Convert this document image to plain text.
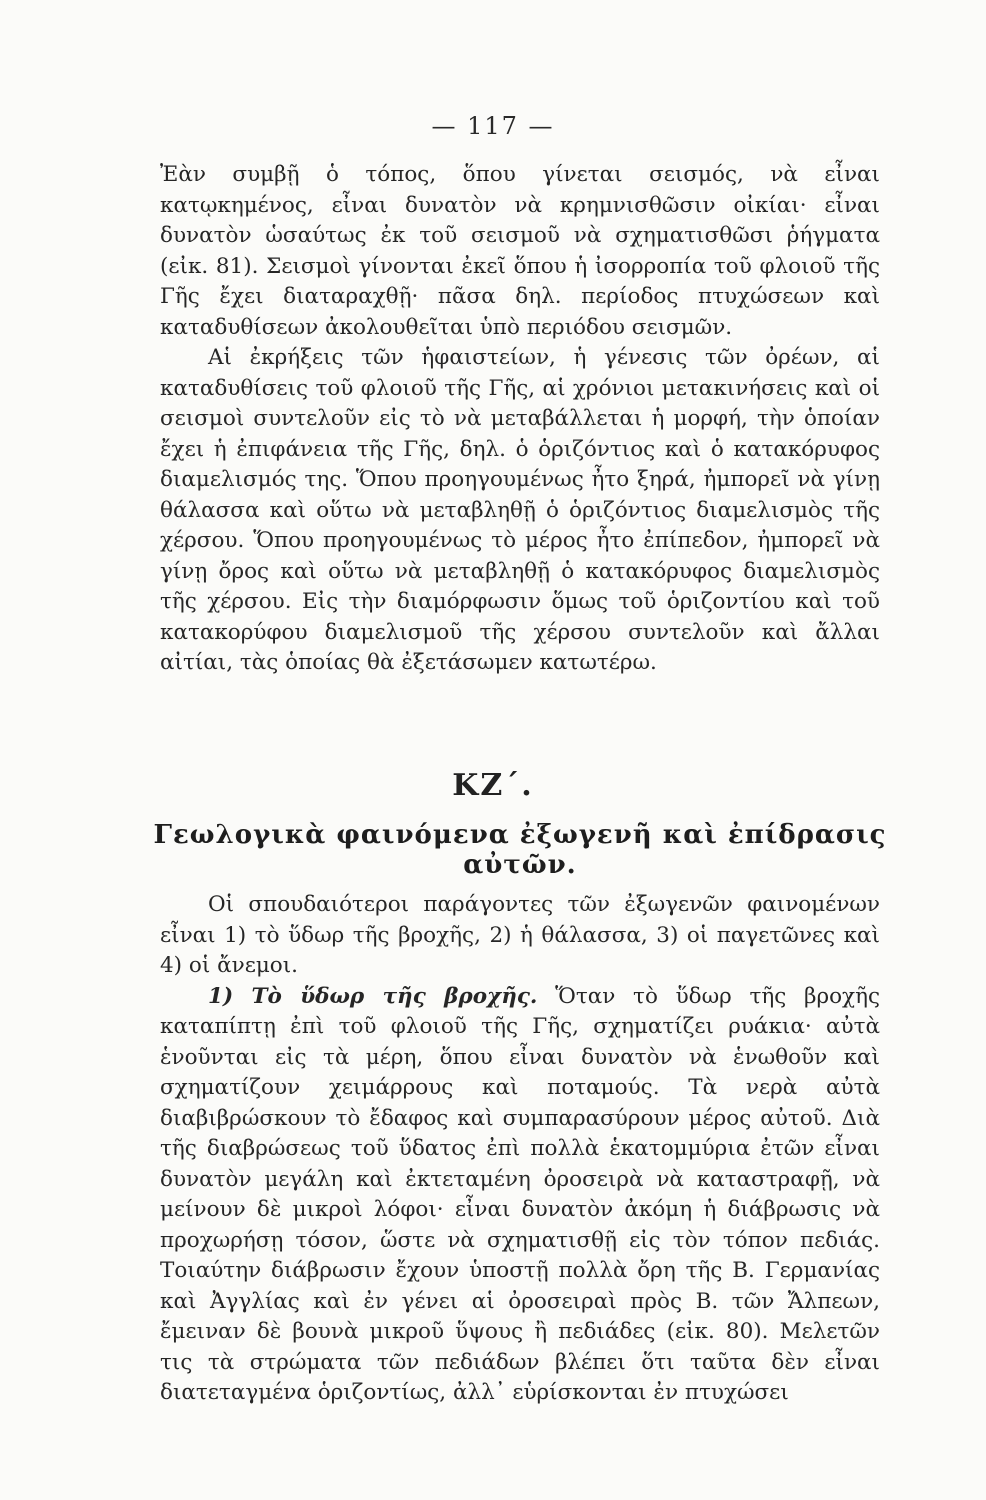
— 117 —

Ἐὰν συμβῇ ὁ τόπος, ὅπου γίνεται σεισμός, νὰ εἶναι κατῳκημένος, εἶναι δυνατὸν νὰ κρημνισθῶσιν οἰκίαι· εἶναι δυνατὸν ὡσαύτως ἐκ τοῦ σεισμοῦ νὰ σχηματισθῶσι ῥήγματα (εἰκ. 81). Σεισμοὶ γίνονται ἐκεῖ ὅπου ἡ ἰσορροπία τοῦ φλοιοῦ τῆς Γῆς ἔχει διαταραχθῇ· πᾶσα δηλ. περίοδος πτυχώσεων καὶ καταδυθίσεων ἀκολουθεῖται ὑπὸ περιόδου σεισμῶν.

Αἱ ἐκρήξεις τῶν ἡφαιστείων, ἡ γένεσις τῶν ὀρέων, αἱ καταδυθίσεις τοῦ φλοιοῦ τῆς Γῆς, αἱ χρόνιοι μετακινήσεις καὶ οἱ σεισμοὶ συντελοῦν εἰς τὸ νὰ μεταβάλλεται ἡ μορφή, τὴν ὁποίαν ἔχει ἡ ἐπιφάνεια τῆς Γῆς, δηλ. ὁ ὁριζόντιος καὶ ὁ κατακόρυφος διαμελισμός της. Ὅπου προηγουμένως ἦτο ξηρά, ἠμπορεῖ νὰ γίνῃ θάλασσα καὶ οὕτω νὰ μεταβληθῇ ὁ ὁριζόντιος διαμελισμὸς τῆς χέρσου. Ὅπου προηγουμένως τὸ μέρος ἦτο ἐπίπεδον, ἠμπορεῖ νὰ γίνῃ ὄρος καὶ οὕτω νὰ μεταβληθῇ ὁ κατακόρυφος διαμελισμὸς τῆς χέρσου. Εἰς τὴν διαμόρφωσιν ὅμως τοῦ ὁριζοντίου καὶ τοῦ κατακορύφου διαμελισμοῦ τῆς χέρσου συντελοῦν καὶ ἄλλαι αἰτίαι, τὰς ὁποίας θὰ ἐξετάσωμεν κατωτέρω.

ΚΖ΄.
Γεωλογικὰ φαινόμενα ἐξωγενῆ καὶ ἐπίδρασις αὐτῶν.

Οἱ σπουδαιότεροι παράγοντες τῶν ἐξωγενῶν φαινομένων εἶναι 1) τὸ ὕδωρ τῆς βροχῆς, 2) ἡ θάλασσα, 3) οἱ παγετῶνες καὶ 4) οἱ ἄνεμοι.

1) Τὸ ὕδωρ τῆς βροχῆς. Ὅταν τὸ ὕδωρ τῆς βροχῆς καταπίπτῃ ἐπὶ τοῦ φλοιοῦ τῆς Γῆς, σχηματίζει ρυάκια· αὐτὰ ἑνοῦνται εἰς τὰ μέρη, ὅπου εἶναι δυνατὸν νὰ ἑνωθοῦν καὶ σχηματίζουν χειμάρρους καὶ ποταμούς. Τὰ νερὰ αὐτὰ διαβιβρώσκουν τὸ ἔδαφος καὶ συμπαρασύρουν μέρος αὐτοῦ. Διὰ τῆς διαβρώσεως τοῦ ὕδατος ἐπὶ πολλὰ ἑκατομμύρια ἐτῶν εἶναι δυνατὸν μεγάλη καὶ ἐκτεταμένη ὀροσειρὰ νὰ καταστραφῇ, νὰ μείνουν δὲ μικροὶ λόφοι· εἶναι δυνατὸν ἀκόμη ἡ διάβρωσις νὰ προχωρήσῃ τόσον, ὥστε νὰ σχηματισθῇ εἰς τὸν τόπον πεδιάς. Τοιαύτην διάβρωσιν ἔχουν ὑποστῇ πολλὰ ὄρη τῆς Β. Γερμανίας καὶ Ἀγγλίας καὶ ἐν γένει αἱ ὀροσειραὶ πρὸς Β. τῶν Ἄλπεων, ἔμειναν δὲ βουνὰ μικροῦ ὕψους ἢ πεδιάδες (εἰκ. 80). Μελετῶν τις τὰ στρώματα τῶν πεδιάδων βλέπει ὅτι ταῦτα δὲν εἶναι διατεταγμένα ὁριζοντίως, ἀλλ᾽ εὑρίσκονται ἐν πτυχώσει
